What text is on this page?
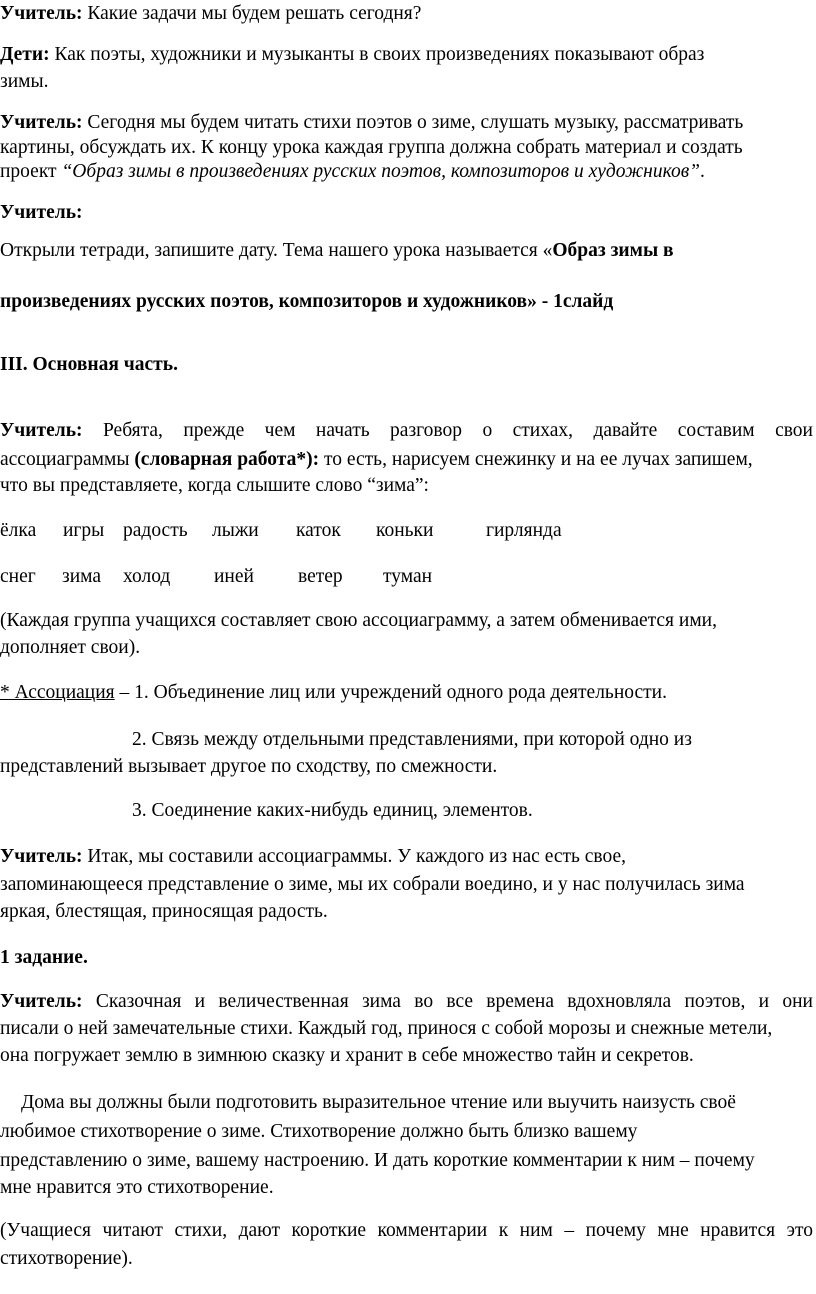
Учитель: Какие задачи мы будем решать сегодня?
Дети: Как поэты, художники и музыканты в своих произведениях показывают образ
зимы.
Учитель: Сегодня мы будем читать стихи поэтов о зиме, слушать музыку, рассматривать
картины, обсуждать их. К концу урока каждая группа должна собрать материал и создать
проект “Образ зимы в произведениях русских поэтов, композиторов и художников”.
Учитель:
Открыли тетради, запишите дату. Тема нашего урока называется «Образ зимы в
произведениях русских поэтов, композиторов и художников» - 1слайд
III. Основная часть.
Учитель: Ребята, прежде чем начать разговор о стихах, давайте составим свои
ассоциаграммы (словарная работа*): то есть, нарисуем снежинку и на ее лучах запишем,
что вы представляете, когда слышите слово “зима”:
ёлка игры радость лыжи каток коньки	гирлянда
снег зима холод иней ветер туман
(Каждая группа учащихся составляет свою ассоциаграмму, а затем обменивается ими,
дополняет свои).
* Ассоциация – 1. Объединение лиц или учреждений одного рода деятельности.
2. Связь между отдельными представлениями, при которой одно из
представлений вызывает другое по сходству, по смежности.
3. Соединение каких-нибудь единиц, элементов.
Учитель: Итак, мы составили ассоциаграммы. У каждого из нас есть свое,
запоминающееся представление о зиме, мы их собрали воедино, и у нас получилась зима
яркая, блестящая, приносящая радость.
1 задание.
Учитель: Сказочная и величественная зима во все времена вдохновляла поэтов, и они
писали о ней замечательные стихи. Каждый год, принося с собой морозы и снежные метели,
она погружает землю в зимнюю сказку и хранит в себе множество тайн и секретов.
Дома вы должны были подготовить выразительное чтение или выучить наизусть своё
любимое стихотворение о зиме. Стихотворение должно быть близко вашему
представлению о зиме, вашему настроению. И дать короткие комментарии к ним – почему
мне нравится это стихотворение.
(Учащиеся читают стихи, дают короткие комментарии к ним – почему мне нравится это
стихотворение).
